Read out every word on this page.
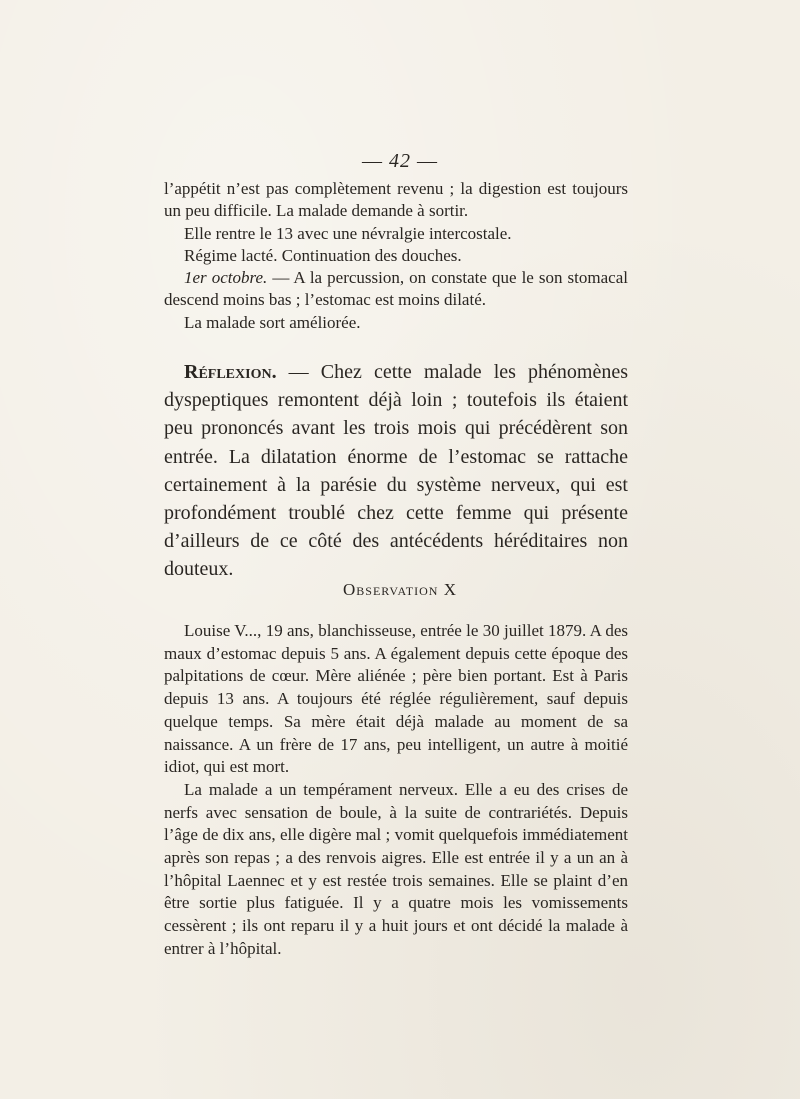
— 42 —

l’appétit n’est pas complètement revenu ; la digestion est toujours un peu difficile. La malade demande à sortir.

Elle rentre le 13 avec une névralgie intercostale.

Régime lacté. Continuation des douches.

1er octobre. — A la percussion, on constate que le son stomacal descend moins bas ; l’estomac est moins dilaté.

La malade sort améliorée.

Réflexion. — Chez cette malade les phénomènes dyspeptiques remontent déjà loin ; toutefois ils étaient peu prononcés avant les trois mois qui précédèrent son entrée. La dilatation énorme de l’estomac se rattache certainement à la parésie du système nerveux, qui est profondément troublé chez cette femme qui présente d’ailleurs de ce côté des antécédents héréditaires non douteux.

Observation X

Louise V..., 19 ans, blanchisseuse, entrée le 30 juillet 1879. A des maux d’estomac depuis 5 ans. A également depuis cette époque des palpitations de cœur. Mère aliénée ; père bien portant. Est à Paris depuis 13 ans. A toujours été réglée régulièrement, sauf depuis quelque temps. Sa mère était déjà malade au moment de sa naissance. A un frère de 17 ans, peu intelligent, un autre à moitié idiot, qui est mort.

La malade a un tempérament nerveux. Elle a eu des crises de nerfs avec sensation de boule, à la suite de contrariétés. Depuis l’âge de dix ans, elle digère mal ; vomit quelquefois immédiatement après son repas ; a des renvois aigres. Elle est entrée il y a un an à l’hôpital Laennec et y est restée trois semaines. Elle se plaint d’en être sortie plus fatiguée. Il y a quatre mois les vomissements cessèrent ; ils ont reparu il y a huit jours et ont décidé la malade à entrer à l’hôpital.
